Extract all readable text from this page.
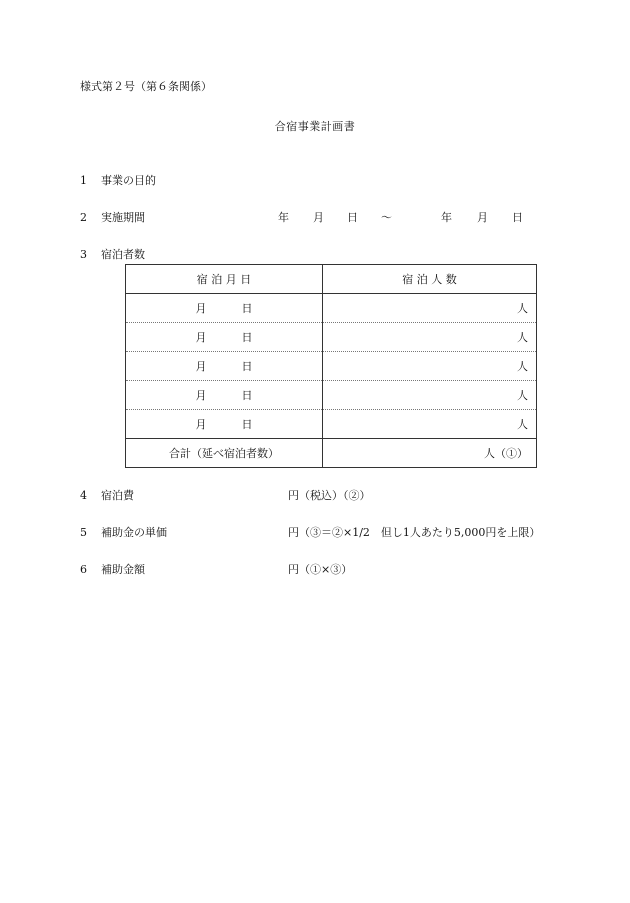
様式第２号（第６条関係）
合宿事業計画書
1	事業の目的
2	実施期間	年 月 日 ～	年 月 日
3	宿泊者数
宿 泊 月 日	宿 泊 人 数
月 日	人
月 日	人
月 日	人
月 日	人
月 日	人
合計（延べ宿泊者数）	人（①）
4	宿泊費	円（税込）（②）
5	補助金の単価	円（③＝②×1/2　但し1人あたり5,000円を上限）
6	補助金額	円（①×③）
